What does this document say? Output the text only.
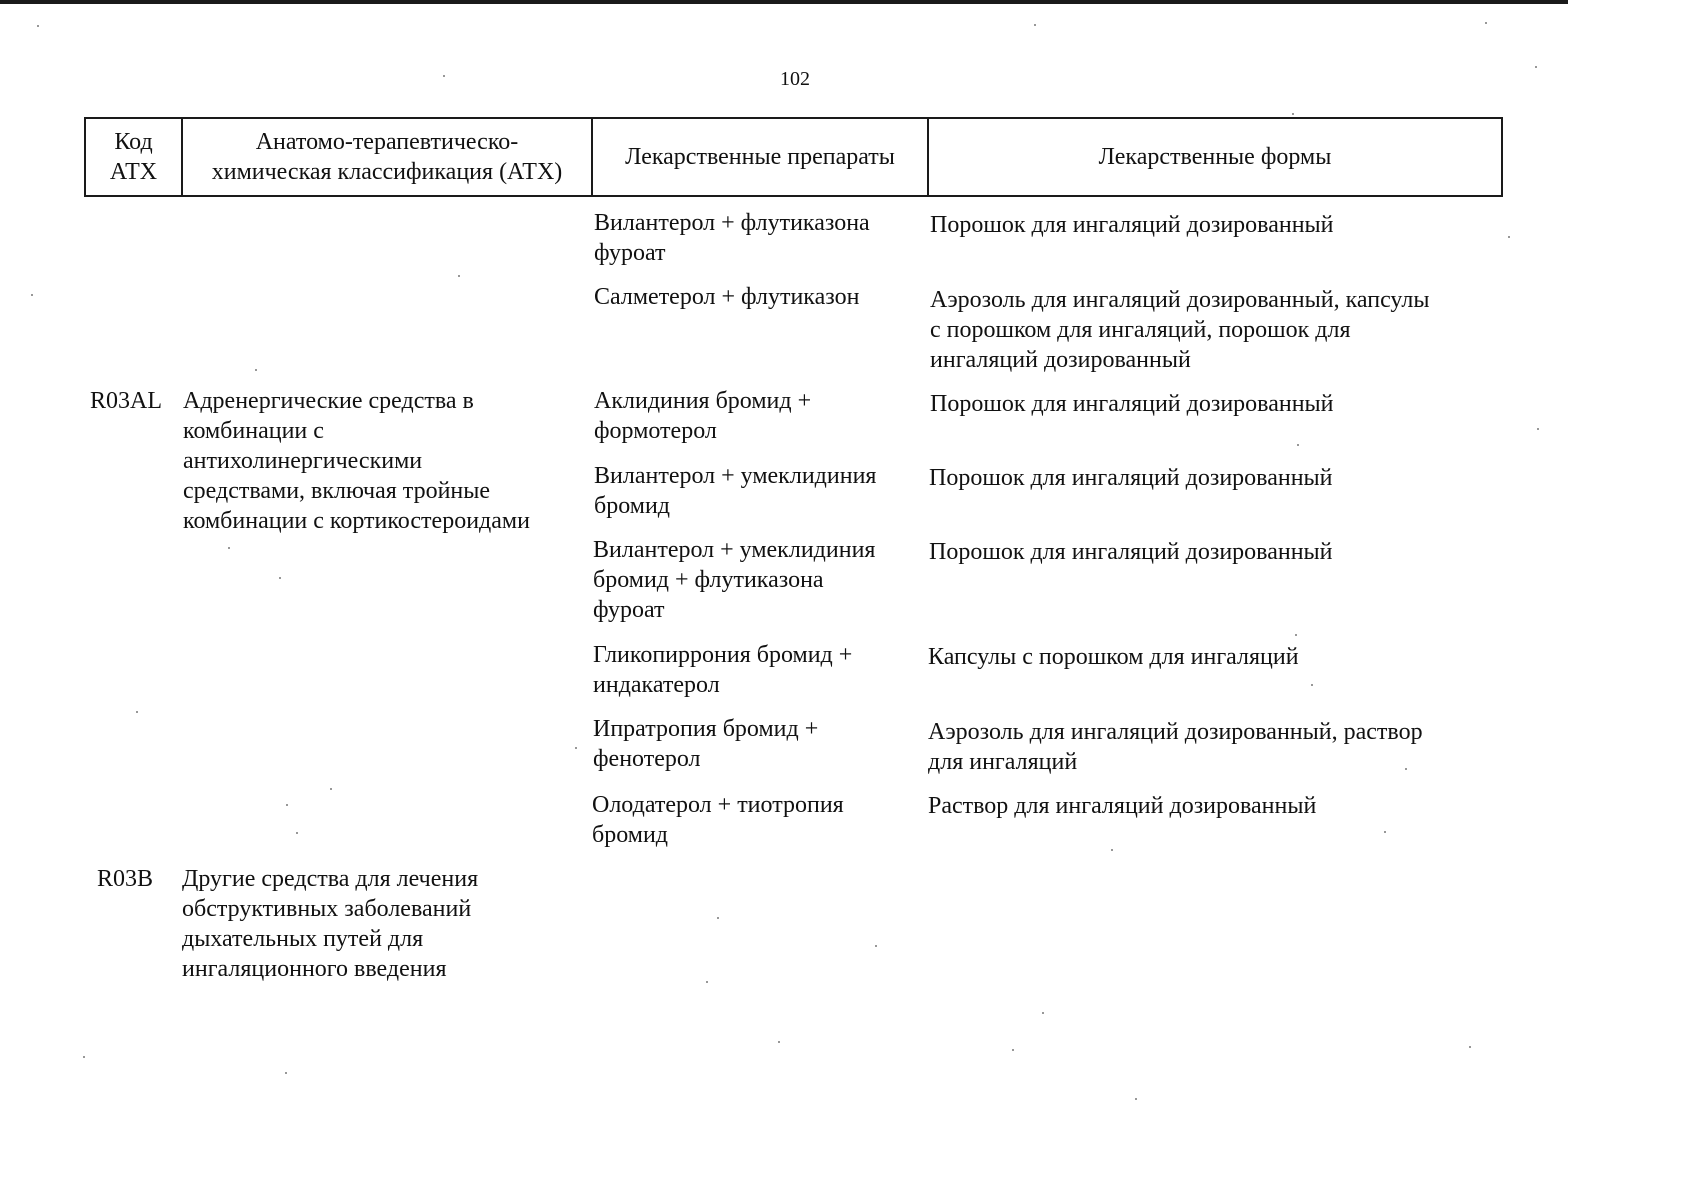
102
Код
АТХ
Анатомо-терапевтическо-
химическая классификация (АТХ)
Лекарственные препараты	Лекарственные формы
Вилантерол + флутиказона
фуроат
Порошок для ингаляций дозированный
Салметерол + флутиказон	Аэрозоль для ингаляций дозированный, капсулы
с порошком для ингаляций, порошок для
ингаляций дозированный
R03AL Адренергические средства в
комбинации с
антихолинергическими
средствами, включая тройные
комбинации с кортикостероидами
Аклидиния бромид +
формотерол
Порошок для ингаляций дозированный
Вилантерол + умеклидиния
бромид
Порошок для ингаляций дозированный
Вилантерол + умеклидиния
бромид + флутиказона
фуроат
Порошок для ингаляций дозированный
Гликопиррония бромид +
индакатерол
Капсулы с порошком для ингаляций
Ипратропия бромид +
фенотерол
Аэрозоль для ингаляций дозированный, раствор
для ингаляций
Олодатерол + тиотропия
бромид
Раствор для ингаляций дозированный
R03B Другие средства для лечения
обструктивных заболеваний
дыхательных путей для
ингаляционного введения
